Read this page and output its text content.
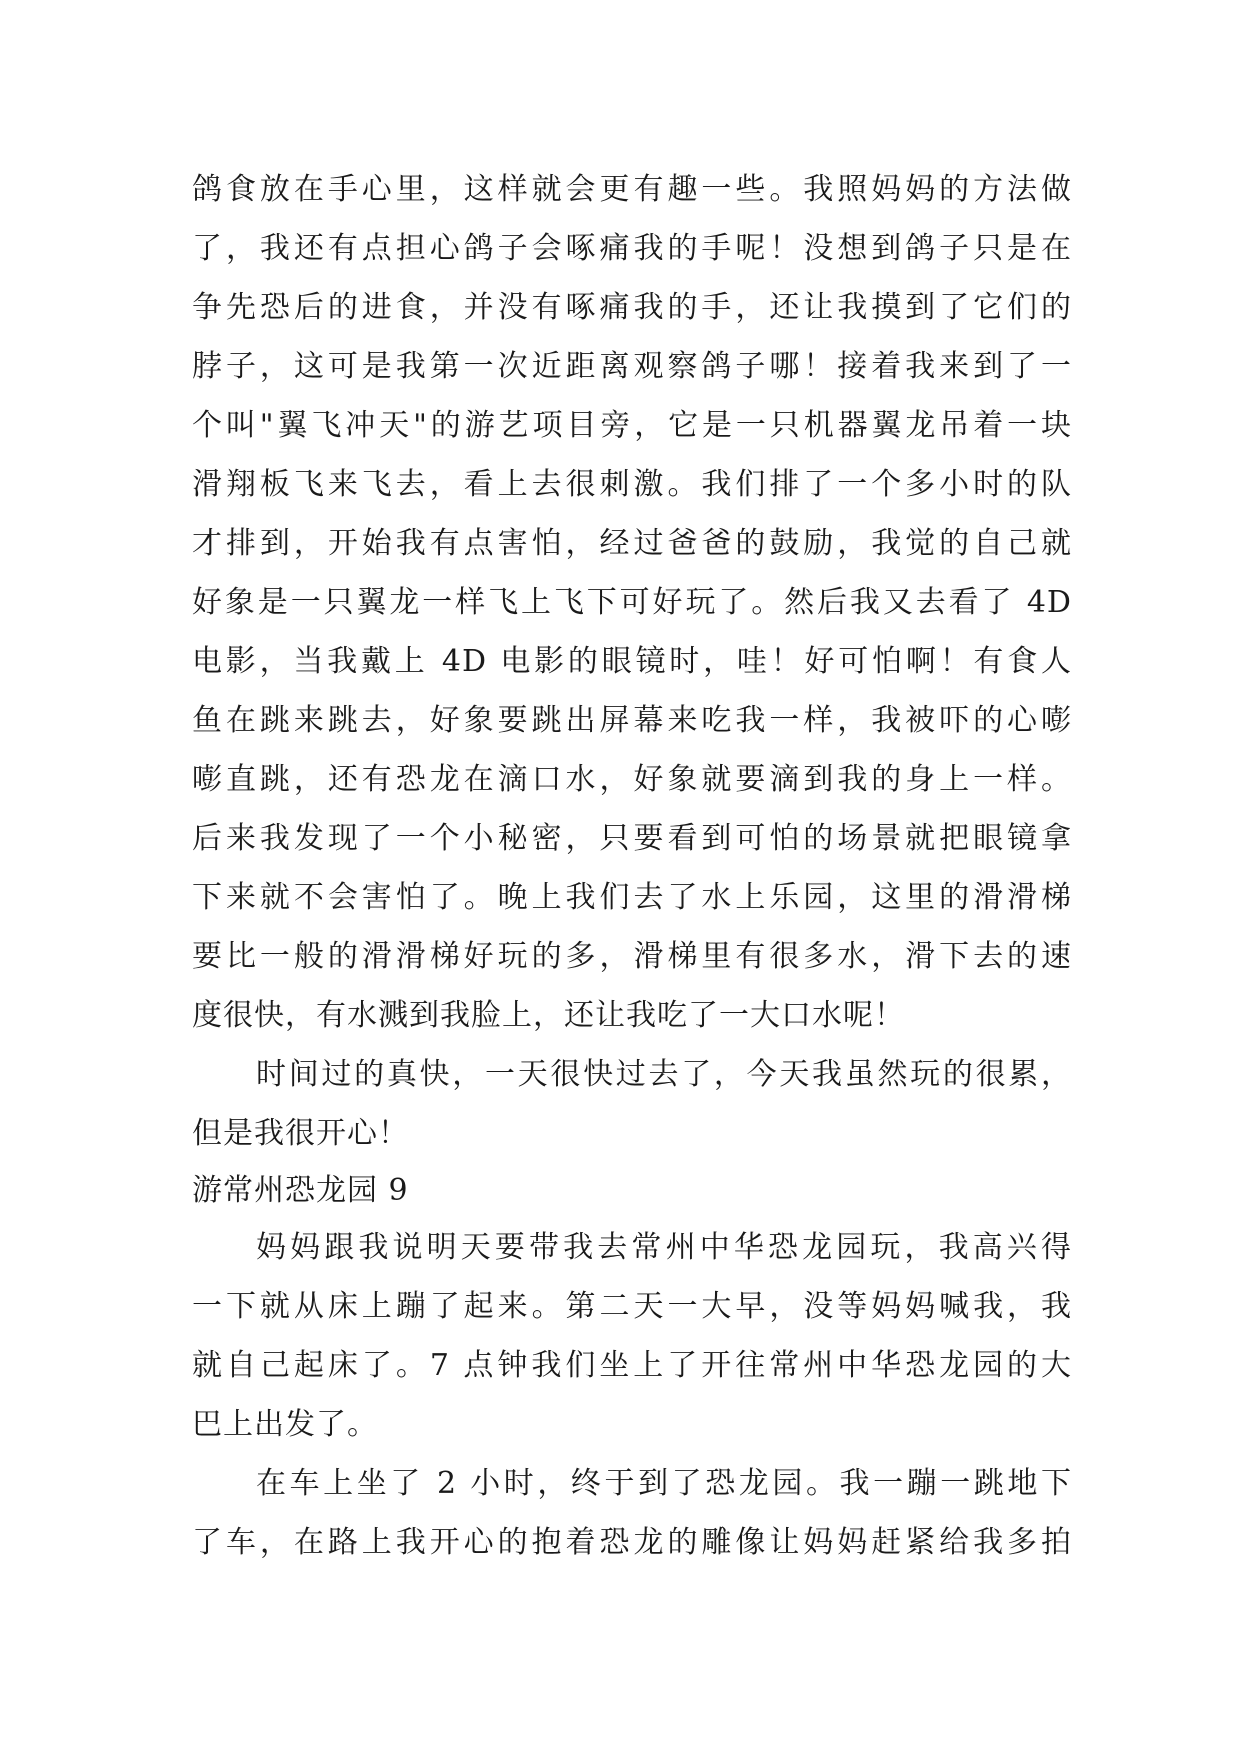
鸽食放在手心里，这样就会更有趣一些。我照妈妈的方法做
了，我还有点担心鸽子会啄痛我的手呢！没想到鸽子只是在
争先恐后的进食，并没有啄痛我的手，还让我摸到了它们的
脖子，这可是我第一次近距离观察鸽子哪！接着我来到了一
个叫"翼飞冲天"的游艺项目旁，它是一只机器翼龙吊着一块
滑翔板飞来飞去，看上去很刺激。我们排了一个多小时的队
才排到，开始我有点害怕，经过爸爸的鼓励，我觉的自己就
好象是一只翼龙一样飞上飞下可好玩了。然后我又去看了 4D
电影，当我戴上 4D 电影的眼镜时，哇！好可怕啊！有食人
鱼在跳来跳去，好象要跳出屏幕来吃我一样，我被吓的心嘭
嘭直跳，还有恐龙在滴口水，好象就要滴到我的身上一样。
后来我发现了一个小秘密，只要看到可怕的场景就把眼镜拿
下来就不会害怕了。晚上我们去了水上乐园，这里的滑滑梯
要比一般的滑滑梯好玩的多，滑梯里有很多水，滑下去的速
度很快，有水溅到我脸上，还让我吃了一大口水呢！
时间过的真快，一天很快过去了，今天我虽然玩的很累，
但是我很开心！
游常州恐龙园 9
妈妈跟我说明天要带我去常州中华恐龙园玩，我高兴得
一下就从床上蹦了起来。第二天一大早，没等妈妈喊我，我
就自己起床了。7 点钟我们坐上了开往常州中华恐龙园的大
巴上出发了。
在车上坐了 2 小时，终于到了恐龙园。我一蹦一跳地下
了车，在路上我开心的抱着恐龙的雕像让妈妈赶紧给我多拍
